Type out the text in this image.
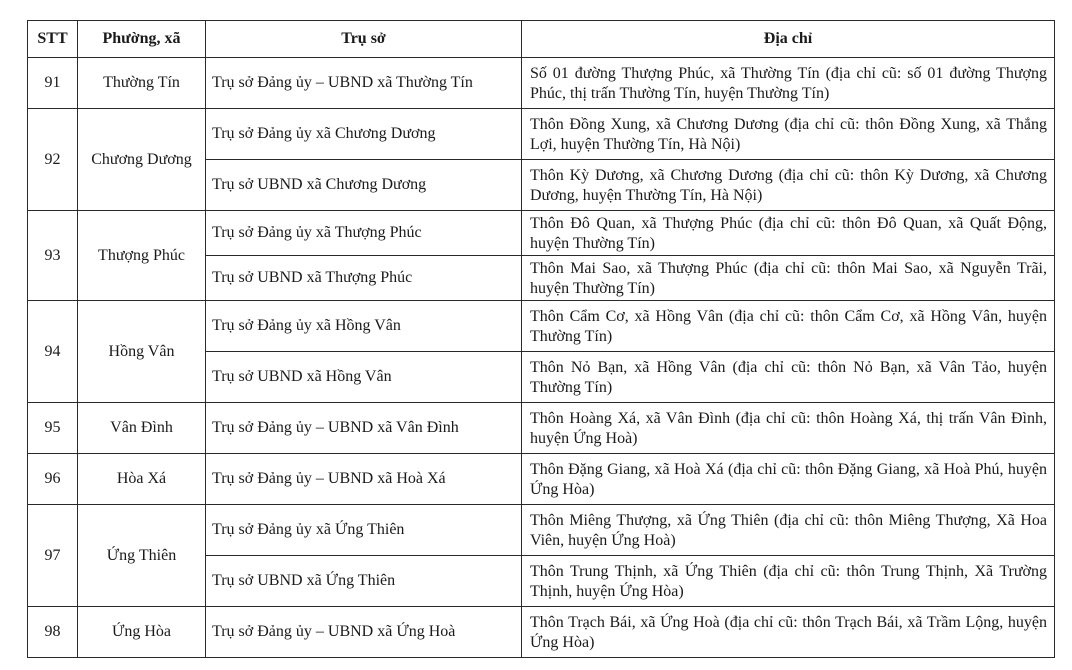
STT	Phường, xã	Trụ sở	Địa chỉ
91	Thường Tín	Trụ sở Đảng ủy – UBND xã Thường Tín	Số 01 đường Thượng Phúc, xã Thường Tín (địa chỉ cũ: số 01 đường Thượng Phúc, thị trấn Thường Tín, huyện Thường Tín)
92	Chương Dương	Trụ sở Đảng ủy xã Chương Dương	Thôn Đồng Xung, xã Chương Dương (địa chỉ cũ: thôn Đồng Xung, xã Thắng Lợi, huyện Thường Tín, Hà Nội)
		Trụ sở UBND xã Chương Dương	Thôn Kỳ Dương, xã Chương Dương (địa chỉ cũ: thôn Kỳ Dương, xã Chương Dương, huyện Thường Tín, Hà Nội)
93	Thượng Phúc	Trụ sở Đảng ủy xã Thượng Phúc	Thôn Đô Quan, xã Thượng Phúc (địa chỉ cũ: thôn Đô Quan, xã Quất Động, huyện Thường Tín)
		Trụ sở UBND xã Thượng Phúc	Thôn Mai Sao, xã Thượng Phúc (địa chỉ cũ: thôn Mai Sao, xã Nguyễn Trãi, huyện Thường Tín)
94	Hồng Vân	Trụ sở Đảng ủy xã Hồng Vân	Thôn Cẩm Cơ, xã Hồng Vân (địa chỉ cũ: thôn Cẩm Cơ, xã Hồng Vân, huyện Thường Tín)
		Trụ sở UBND xã Hồng Vân	Thôn Nỏ Bạn, xã Hồng Vân (địa chỉ cũ: thôn Nỏ Bạn, xã Vân Tảo, huyện Thường Tín)
95	Vân Đình	Trụ sở Đảng ủy – UBND xã Vân Đình	Thôn Hoàng Xá, xã Vân Đình (địa chỉ cũ: thôn Hoàng Xá, thị trấn Vân Đình, huyện Ứng Hoà)
96	Hòa Xá	Trụ sở Đảng ủy – UBND xã Hoà Xá	Thôn Đặng Giang, xã Hoà Xá (địa chỉ cũ: thôn Đặng Giang, xã Hoà Phú, huyện Ứng Hòa)
97	Ứng Thiên	Trụ sở Đảng ủy xã Ứng Thiên	Thôn Miêng Thượng, xã Ứng Thiên (địa chỉ cũ: thôn Miêng Thượng, Xã Hoa Viên, huyện Ứng Hoà)
		Trụ sở UBND xã Ứng Thiên	Thôn Trung Thịnh, xã Ứng Thiên (địa chỉ cũ: thôn Trung Thịnh, Xã Trường Thịnh, huyện Ứng Hòa)
98	Ứng Hòa	Trụ sở Đảng ủy – UBND xã Ứng Hoà	Thôn Trạch Bái, xã Ứng Hoà (địa chỉ cũ: thôn Trạch Bái, xã Trầm Lộng, huyện Ứng Hòa)
